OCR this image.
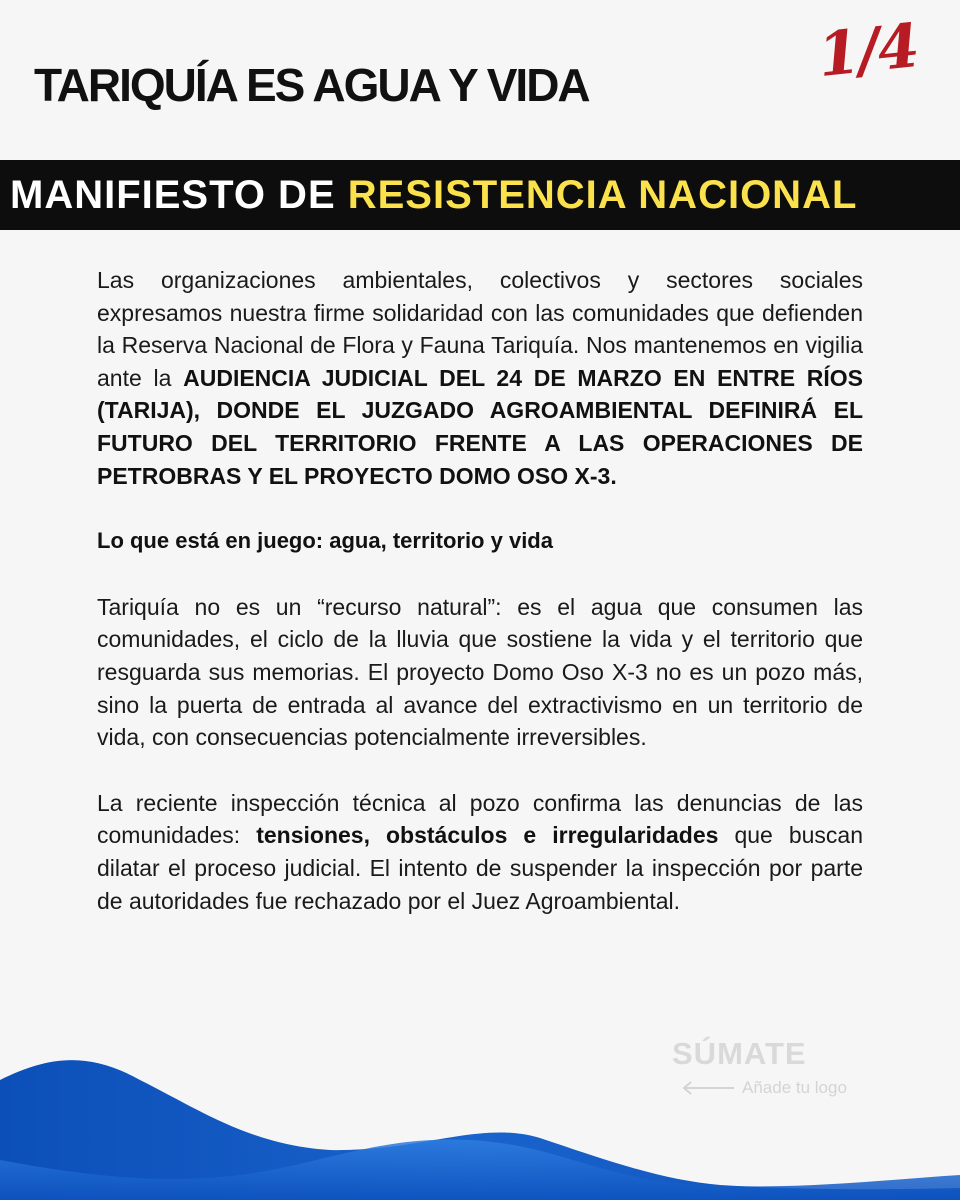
TARIQUÍA ES AGUA Y VIDA	1/4
MANIFIESTO DE RESISTENCIA NACIONAL

Las organizaciones ambientales, colectivos y sectores sociales expresamos nuestra firme solidaridad con las comunidades que defienden la Reserva Nacional de Flora y Fauna Tariquía. Nos mantenemos en vigilia ante la AUDIENCIA JUDICIAL DEL 24 DE MARZO EN ENTRE RÍOS (TARIJA), DONDE EL JUZGADO AGROAMBIENTAL DEFINIRÁ EL FUTURO DEL TERRITORIO FRENTE A LAS OPERACIONES DE PETROBRAS Y EL PROYECTO DOMO OSO X-3.

Lo que está en juego: agua, territorio y vida

Tariquía no es un “recurso natural”: es el agua que consumen las comunidades, el ciclo de la lluvia que sostiene la vida y el territorio que resguarda sus memorias. El proyecto Domo Oso X-3 no es un pozo más, sino la puerta de entrada al avance del extractivismo en un territorio de vida, con consecuencias potencialmente irreversibles.

La reciente inspección técnica al pozo confirma las denuncias de las comunidades: tensiones, obstáculos e irregularidades que buscan dilatar el proceso judicial. El intento de suspender la inspección por parte de autoridades fue rechazado por el Juez Agroambiental.

SÚMATE
Añade tu logo
